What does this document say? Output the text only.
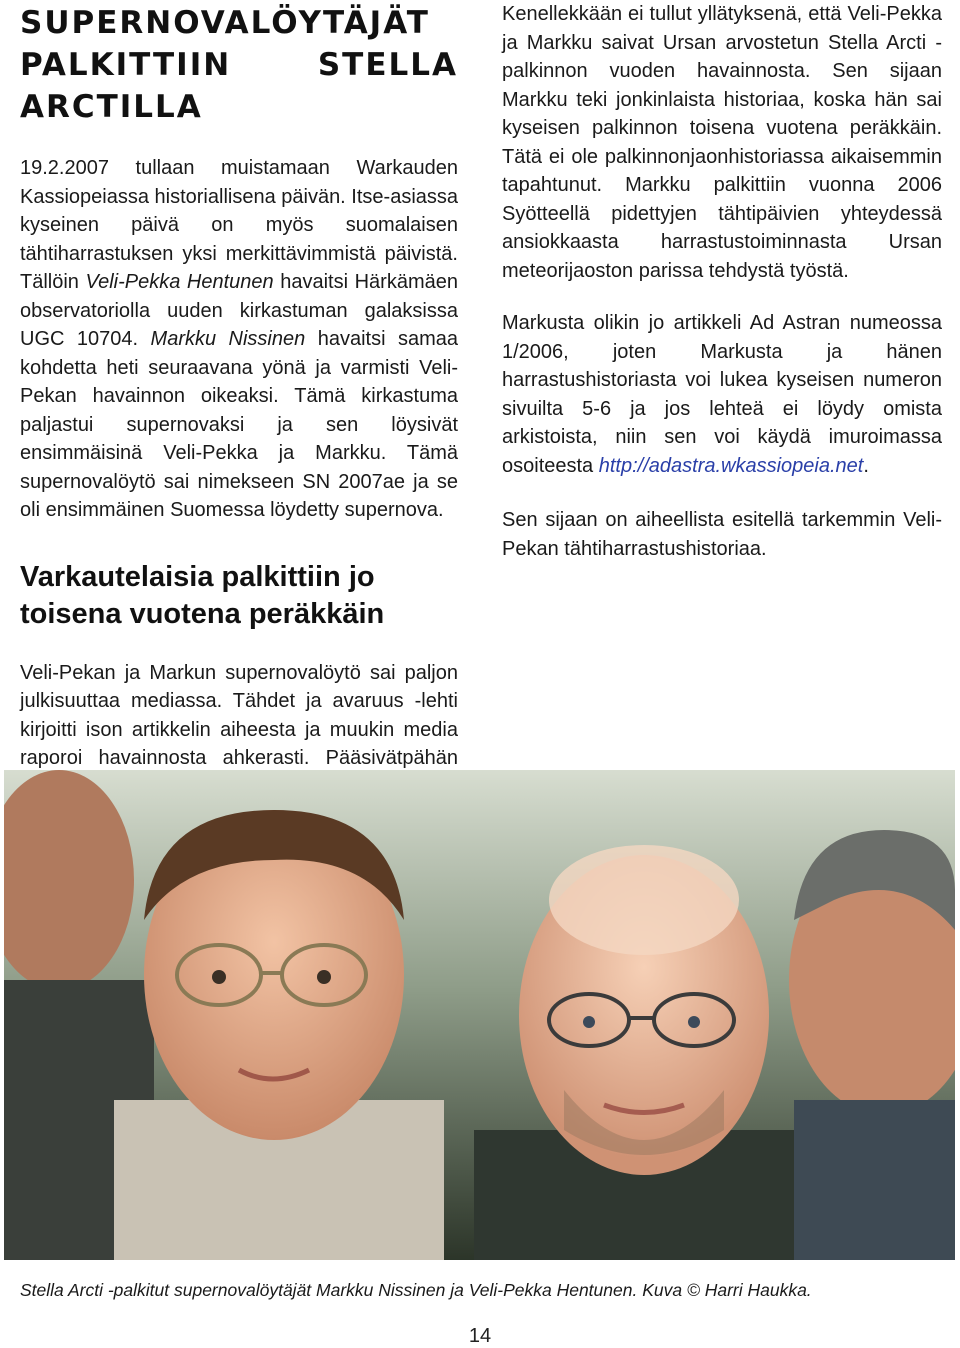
SUPERNOVALÖYTÄJÄT PALKITTIIN STELLA ARCTILLA

19.2.2007 tullaan muistamaan Warkauden Kassiopeiassa historiallisena päivän. Itse-asiassa kyseinen päivä on myös suomalaisen tähtiharrastuksen yksi merkittävimmistä päivistä. Tällöin Veli-Pekka Hentunen havaitsi Härkämäen observatoriolla uuden kirkastuman galaksissa UGC 10704. Markku Nissinen havaitsi samaa kohdetta heti seuraavana yönä ja varmisti Veli-Pekan havainnon oikeaksi. Tämä kirkastuma paljastui supernovaksi ja sen löysivät ensimmäisinä Veli-Pekka ja Markku. Tämä supernovalöytö sai nimekseen SN 2007ae ja se oli ensimmäinen Suomessa löydetty supernova.

Varkautelaisia palkittiin jo toisena vuotena peräkkäin

Veli-Pekan ja Markun supernovalöytö sai paljon julkisuuttaa mediassa. Tähdet ja avaruus -lehti kirjoitti ison artikkelin aiheesta ja muukin media raporoi havainnosta ahkerasti. Pääsivätpähän

Kenellekkään ei tullut yllätyksenä, että Veli-Pekka ja Markku saivat Ursan arvostetun Stella Arcti -palkinnon vuoden havainnosta. Sen sijaan Markku teki jonkinlaista historiaa, koska hän sai kyseisen palkinnon toisena vuotena peräkkäin. Tätä ei ole palkinnonjaonhistoriassa aikaisemmin tapahtunut. Markku palkittiin vuonna 2006 Syötteellä pidettyjen tähtipäivien yhteydessä ansiokkaasta harrastustoiminnasta Ursan meteorijaoston parissa tehdystä työstä.

Markusta olikin jo artikkeli Ad Astran numeossa 1/2006, joten Markusta ja hänen harrastushistoriasta voi lukea kyseisen numeron sivuilta 5-6 ja jos lehteä ei löydy omista arkistoista, niin sen voi käydä imuroimassa osoiteesta http://adastra.wkassiopeia.net.

Sen sijaan on aiheellista esitellä tarkemmin Veli-Pekan tähtiharrastushistoriaa.

Stella Arcti -palkitut supernovalöytäjät Markku Nissinen ja Veli-Pekka Hentunen. Kuva © Harri Haukka.
14
